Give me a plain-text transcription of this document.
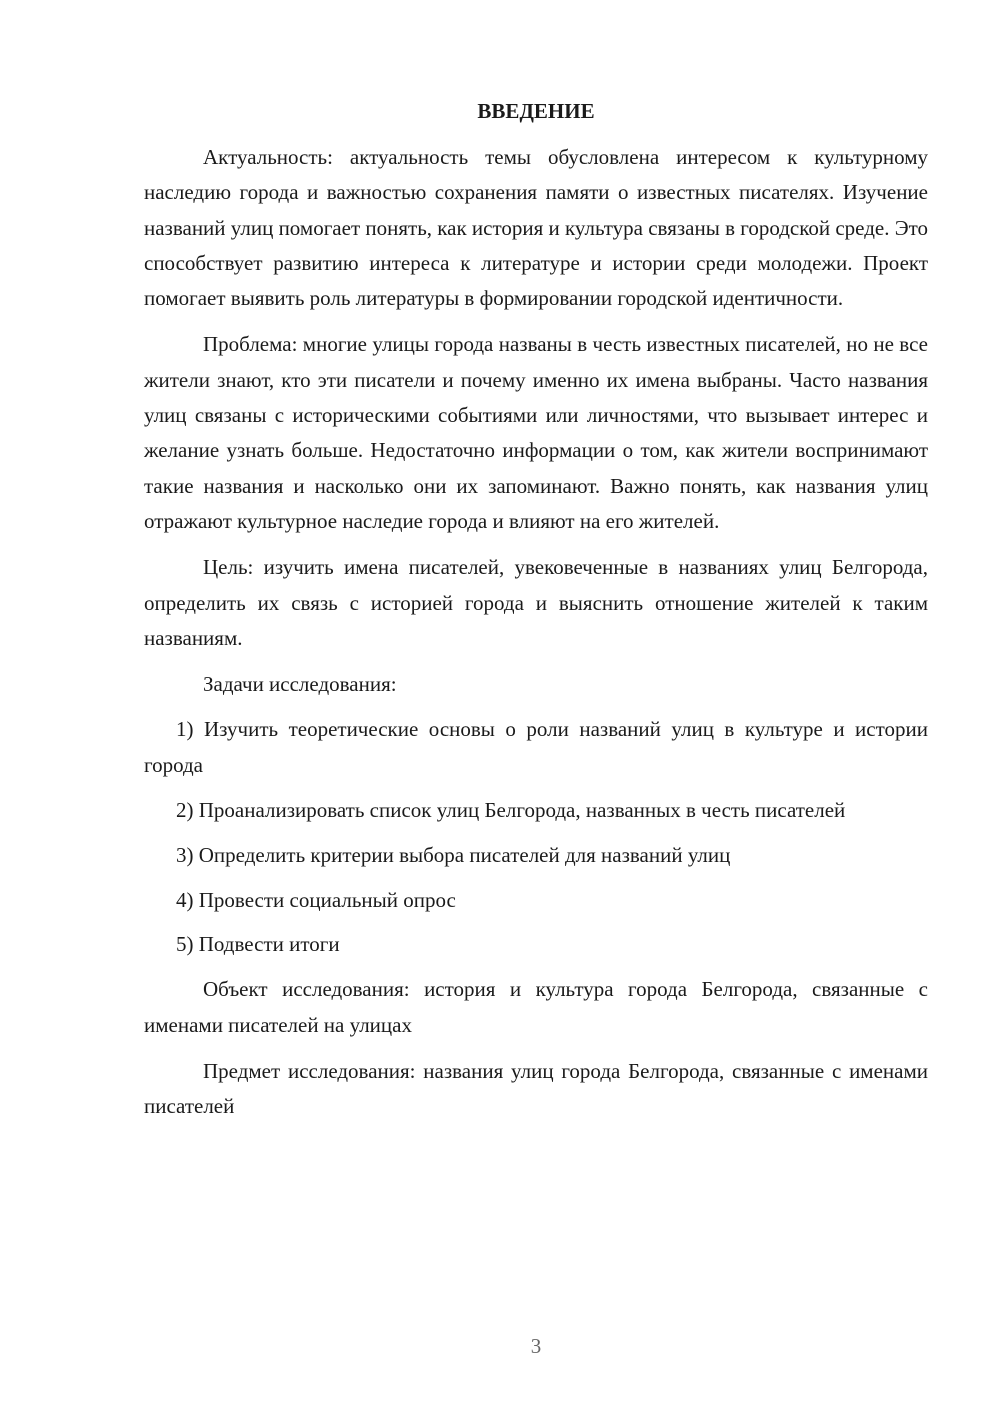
ВВЕДЕНИЕ

Актуальность: актуальность темы обусловлена интересом к культурному наследию города и важностью сохранения памяти о известных писателях. Изучение названий улиц помогает понять, как история и культура связаны в городской среде. Это способствует развитию интереса к литературе и истории среди молодежи. Проект помогает выявить роль литературы в формировании городской идентичности.

Проблема: многие улицы города названы в честь известных писателей, но не все жители знают, кто эти писатели и почему именно их имена выбраны. Часто названия улиц связаны с историческими событиями или личностями, что вызывает интерес и желание узнать больше. Недостаточно информации о том, как жители воспринимают такие названия и насколько они их запоминают. Важно понять, как названия улиц отражают культурное наследие города и влияют на его жителей.

Цель: изучить имена писателей, увековеченные в названиях улиц Белгорода, определить их связь с историей города и выяснить отношение жителей к таким названиям.

Задачи исследования:

1) Изучить теоретические основы о роли названий улиц в культуре и истории города

2) Проанализировать список улиц Белгорода, названных в честь писателей

3) Определить критерии выбора писателей для названий улиц

4) Провести социальный опрос

5) Подвести итоги

Объект исследования: история и культура города Белгорода, связанные с именами писателей на улицах

Предмет исследования: названия улиц города Белгорода, связанные с именами писателей

3
